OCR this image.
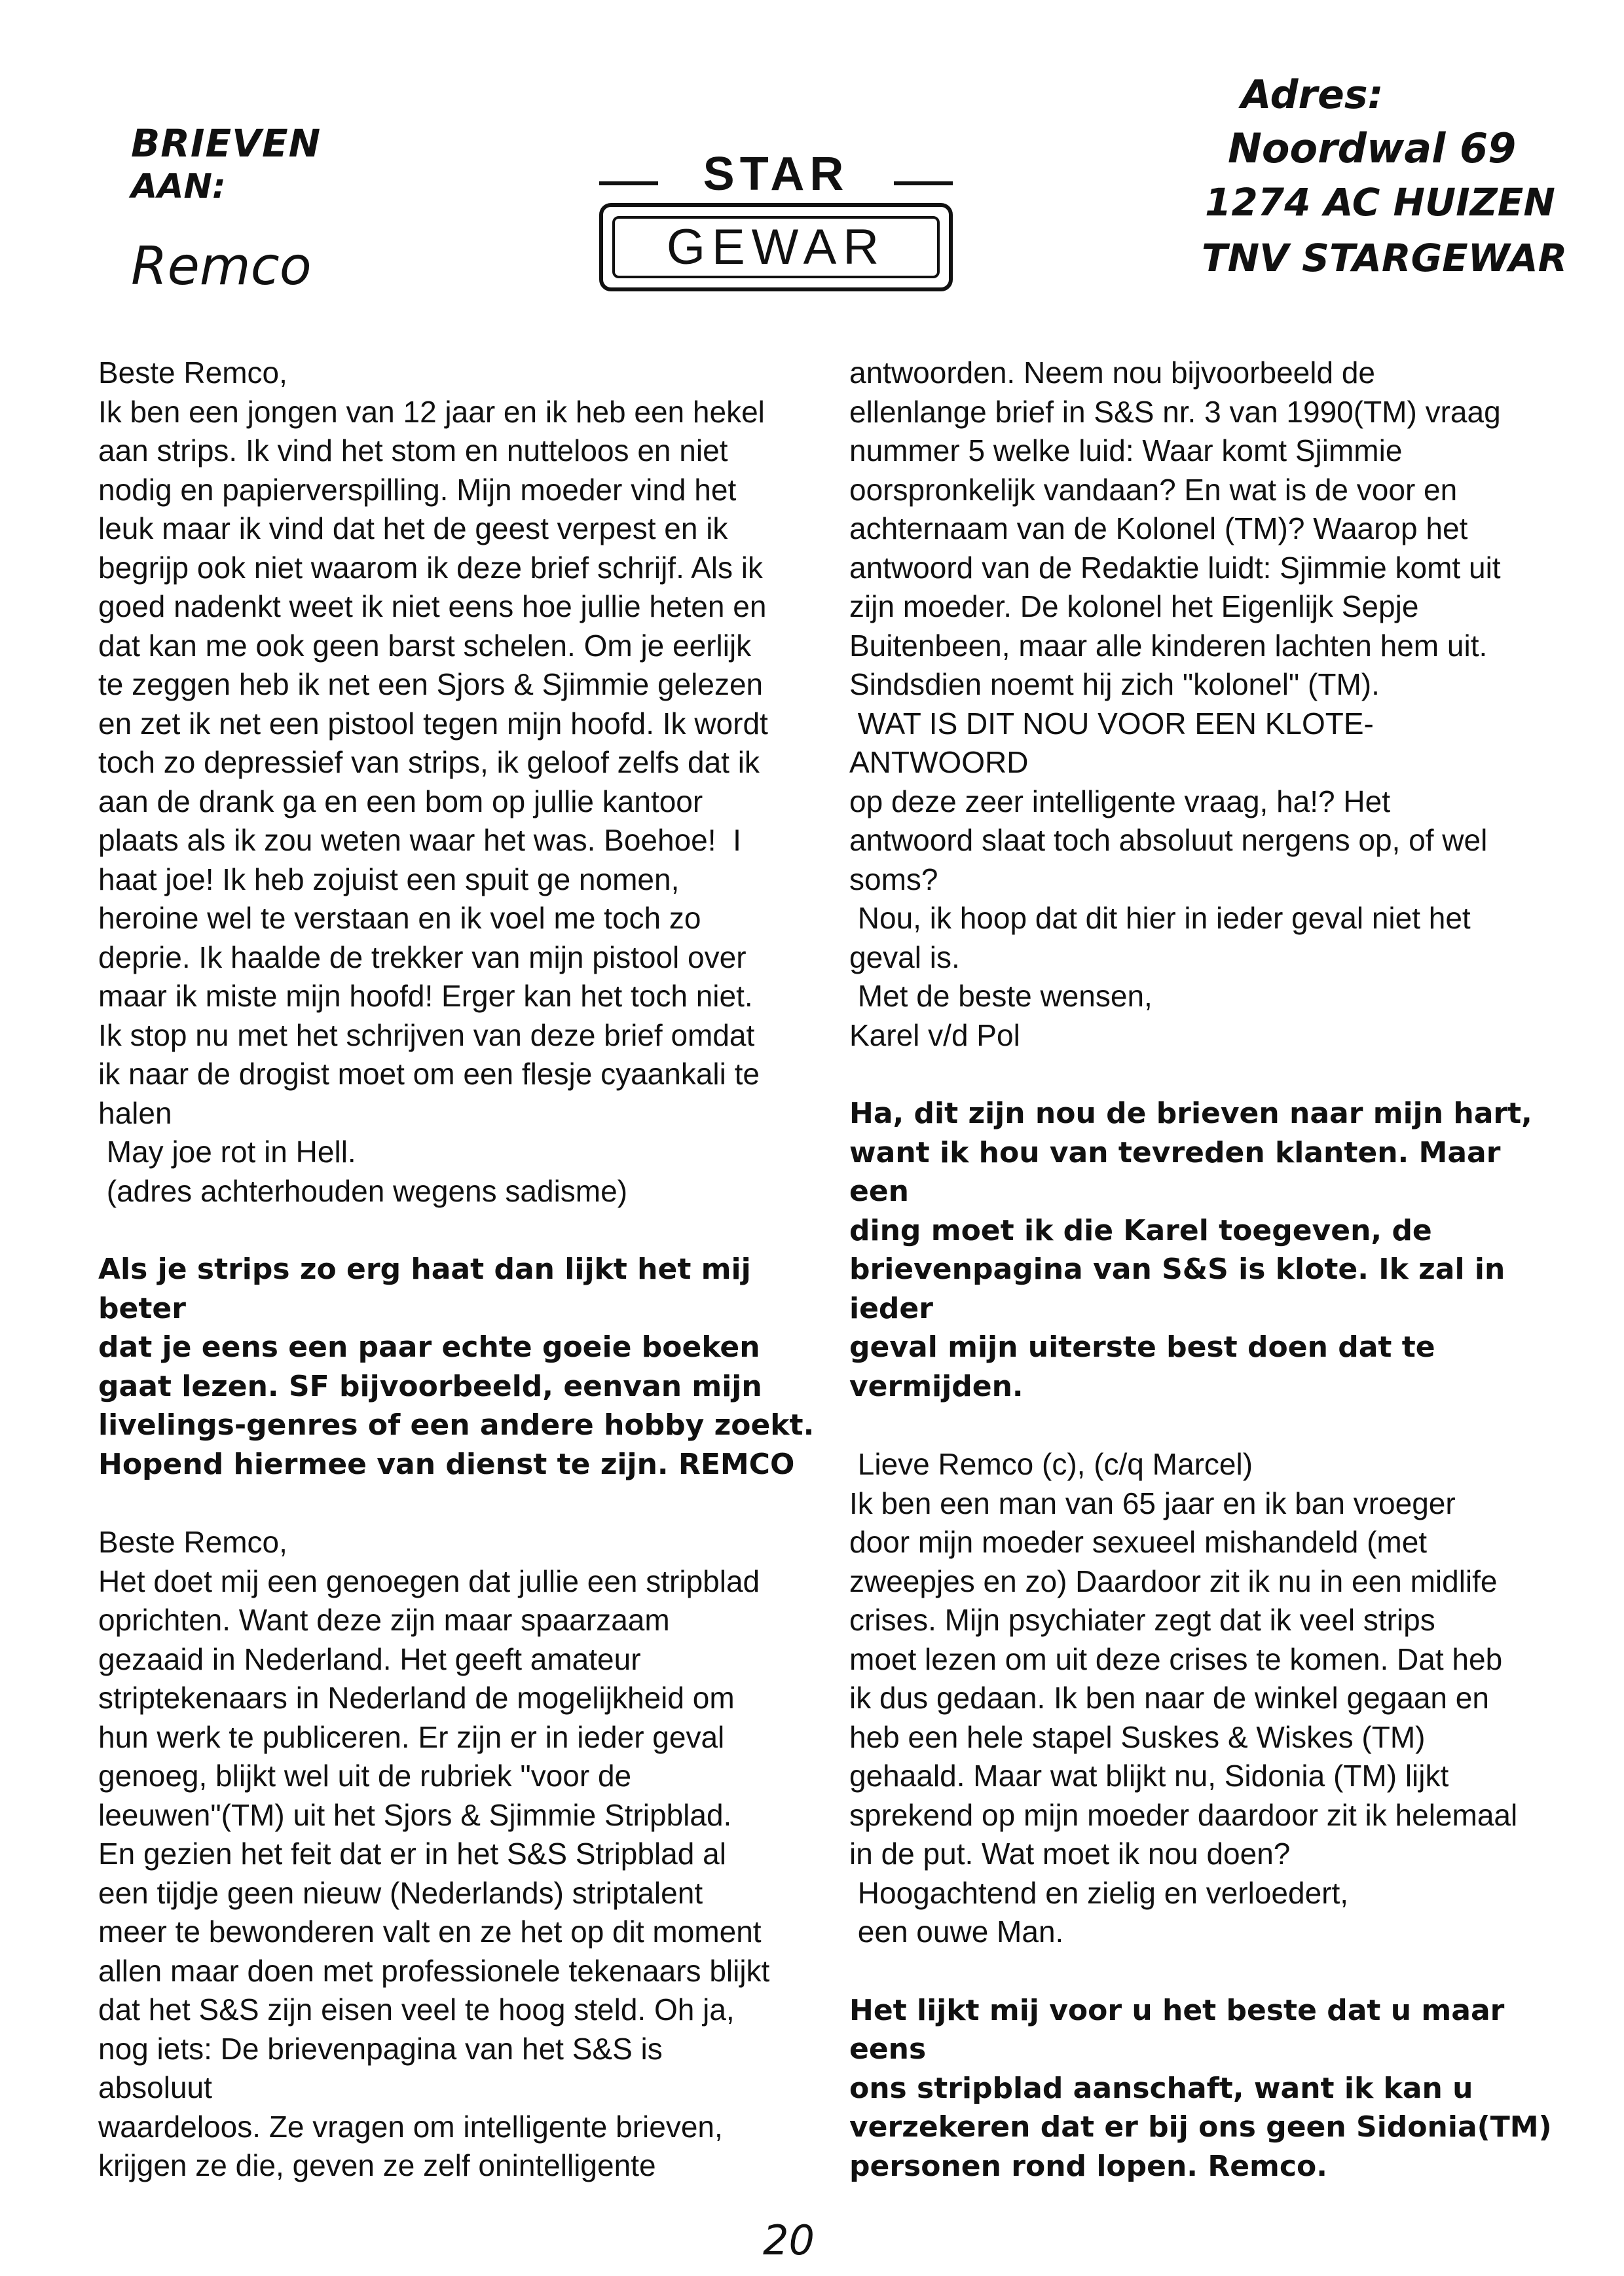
BRIEVEN
AAN:
Remco
STAR
GEWAR
Adres:
Noordwal 69
1274 AC HUIZEN
TNV STARGEWAR

Beste Remco,
Ik ben een jongen van 12 jaar en ik heb een hekel
aan strips. Ik vind het stom en nutteloos en niet
nodig en papierverspilling. Mijn moeder vind het
leuk maar ik vind dat het de geest verpest en ik
begrijp ook niet waarom ik deze brief schrijf. Als ik
goed nadenkt weet ik niet eens hoe jullie heten en
dat kan me ook geen barst schelen. Om je eerlijk
te zeggen heb ik net een Sjors & Sjimmie gelezen
en zet ik net een pistool tegen mijn hoofd. Ik wordt
toch zo depressief van strips, ik geloof zelfs dat ik
aan de drank ga en een bom op jullie kantoor
plaats als ik zou weten waar het was. Boehoe!  I
haat joe! Ik heb zojuist een spuit ge nomen,
heroine wel te verstaan en ik voel me toch zo
deprie. Ik haalde de trekker van mijn pistool over
maar ik miste mijn hoofd! Erger kan het toch niet.
Ik stop nu met het schrijven van deze brief omdat
ik naar de drogist moet om een flesje cyaankali te
halen
May joe rot in Hell.
(adres achterhouden wegens sadisme)

Als je strips zo erg haat dan lijkt het mij beter
dat je eens een paar echte goeie boeken
gaat lezen. SF bijvoorbeeld, eenvan mijn
livelings-genres of een andere hobby zoekt.
Hopend hiermee van dienst te zijn. REMCO

Beste Remco,
Het doet mij een genoegen dat jullie een stripblad
oprichten. Want deze zijn maar spaarzaam
gezaaid in Nederland. Het geeft amateur
striptekenaars in Nederland de mogelijkheid om
hun werk te publiceren. Er zijn er in ieder geval
genoeg, blijkt wel uit de rubriek "voor de
leeuwen"(TM) uit het Sjors & Sjimmie Stripblad.
En gezien het feit dat er in het S&S Stripblad al
een tijdje geen nieuw (Nederlands) striptalent
meer te bewonderen valt en ze het op dit moment
allen maar doen met professionele tekenaars blijkt
dat het S&S zijn eisen veel te hoog steld. Oh ja,
nog iets: De brievenpagina van het S&S is
absoluut
waardeloos. Ze vragen om intelligente brieven,
krijgen ze die, geven ze zelf onintelligente

antwoorden. Neem nou bijvoorbeeld de
ellenlange brief in S&S nr. 3 van 1990(TM) vraag
nummer 5 welke luid: Waar komt Sjimmie
oorspronkelijk vandaan? En wat is de voor en
achternaam van de Kolonel (TM)? Waarop het
antwoord van de Redaktie luidt: Sjimmie komt uit
zijn moeder. De kolonel het Eigenlijk Sepje
Buitenbeen, maar alle kinderen lachten hem uit.
Sindsdien noemt hij zich "kolonel" (TM).
WAT IS DIT NOU VOOR EEN KLOTE-
ANTWOORD
op deze zeer intelligente vraag, ha!? Het
antwoord slaat toch absoluut nergens op, of wel
soms?
Nou, ik hoop dat dit hier in ieder geval niet het
geval is.
Met de beste wensen,
Karel v/d Pol

Ha, dit zijn nou de brieven naar mijn hart,
want ik hou van tevreden klanten. Maar een
ding moet ik die Karel toegeven, de
brievenpagina van S&S is klote. Ik zal in ieder
geval mijn uiterste best doen dat te
vermijden.

Lieve Remco (c), (c/q Marcel)
Ik ben een man van 65 jaar en ik ban vroeger
door mijn moeder sexueel mishandeld (met
zweepjes en zo) Daardoor zit ik nu in een midlife
crises. Mijn psychiater zegt dat ik veel strips
moet lezen om uit deze crises te komen. Dat heb
ik dus gedaan. Ik ben naar de winkel gegaan en
heb een hele stapel Suskes & Wiskes (TM)
gehaald. Maar wat blijkt nu, Sidonia (TM) lijkt
sprekend op mijn moeder daardoor zit ik helemaal
in de put. Wat moet ik nou doen?
Hoogachtend en zielig en verloedert,
een ouwe Man.

Het lijkt mij voor u het beste dat u maar eens
ons stripblad aanschaft, want ik kan u
verzekeren dat er bij ons geen Sidonia(TM)
personen rond lopen. Remco.

20
